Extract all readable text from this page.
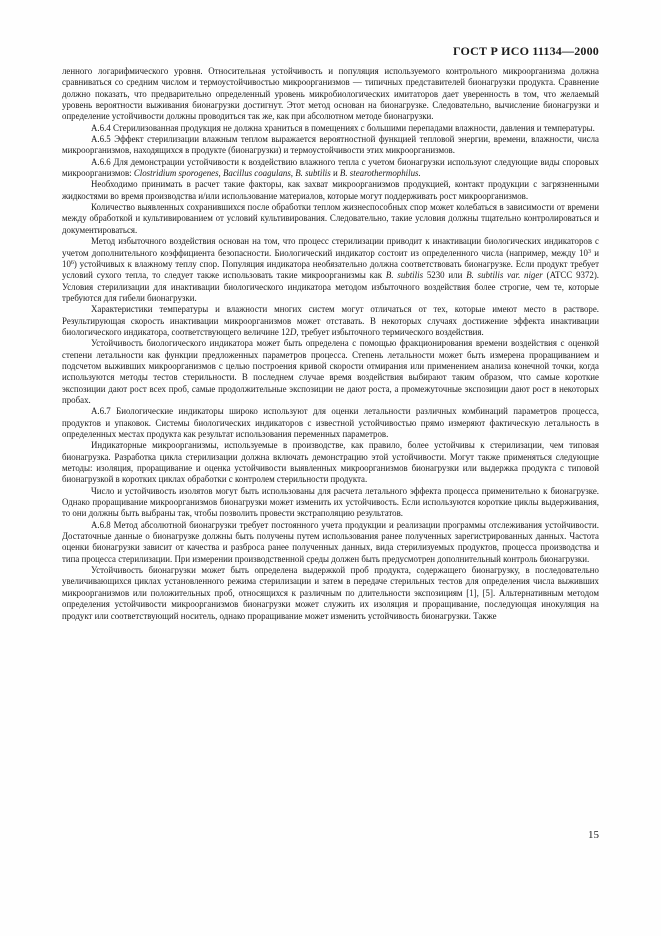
ГОСТ Р ИСО 11134—2000

ленного логарифмического уровня. Относительная устойчивость и популяция используемого контрольного микроорганизма должна сравниваться со средним числом и термоустойчивостью микроорганизмов — типичных представителей бионагрузки продукта. Сравнение должно показать, что предварительно определенный уровень микробиологических имитаторов дает уверенность в том, что желаемый уровень вероятности выживания бионагрузки достигнут. Этот метод основан на бионагрузке. Следовательно, вычисление бионагрузки и определение устойчивости должны проводиться так же, как при абсолютном методе бионагрузки.

А.6.4 Стерилизованная продукция не должна храниться в помещениях с большими перепадами влажности, давления и температуры.

А.6.5 Эффект стерилизации влажным теплом выражается вероятностной функцией тепловой энергии, времени, влажности, числа микроорганизмов, находящихся в продукте (бионагрузки) и термоустойчивости этих микроорганизмов.

А.6.6 Для демонстрации устойчивости к воздействию влажного тепла с учетом бионагрузки используют следующие виды споровых микроорганизмов: Clostridium sporogenes, Bacillus coagulans, B. subtilis и B. stearothermophilus.

Необходимо принимать в расчет такие факторы, как захват микроорганизмов продукцией, контакт продукции с загрязненными жидкостями во время производства и/или использование материалов, которые могут поддерживать рост микроорганизмов.

Количество выявленных сохранившихся после обработки теплом жизнеспособных спор может колебаться в зависимости от времени между обработкой и культивированием от условий культивирования. Следовательно, такие условия должны тщательно контролироваться и документироваться.

Метод избыточного воздействия основан на том, что процесс стерилизации приводит к инактивации биологических индикаторов с учетом дополнительного коэффициента безопасности. Биологический индикатор состоит из определенного числа (например, между $10^3$ и $10^6$) устойчивых к влажному теплу спор. Популяция индикатора необязательно должна соответствовать бионагрузке. Если продукт требует условий сухого тепла, то следует также использовать такие микроорганизмы как B. subtilis 5230 или B. subtilis var. niger (ATCC 9372). Условия стерилизации для инактивации биологического индикатора методом избыточного воздействия более строгие, чем те, которые требуются для гибели бионагрузки.

Характеристики температуры и влажности многих систем могут отличаться от тех, которые имеют место в растворе. Результирующая скорость инактивации микроорганизмов может отставать. В некоторых случаях достижение эффекта инактивации биологического индикатора, соответствующего величине 12D, требует избыточного термического воздействия.

Устойчивость биологического индикатора может быть определена с помощью фракционирования времени воздействия с оценкой степени летальности как функции предложенных параметров процесса. Степень летальности может быть измерена проращиванием и подсчетом выживших микроорганизмов с целью построения кривой скорости отмирания или применением анализа конечной точки, когда используются методы тестов стерильности. В последнем случае время воздействия выбирают таким образом, что самые короткие экспозиции дают рост всех проб, самые продолжительные экспозиции не дают роста, а промежуточные экспозиции дают рост в некоторых пробах.

А.6.7 Биологические индикаторы широко используют для оценки летальности различных комбинаций параметров процесса, продуктов и упаковок. Системы биологических индикаторов с известной устойчивостью прямо измеряют фактическую летальность в определенных местах продукта как результат использования переменных параметров.

Индикаторные микроорганизмы, используемые в производстве, как правило, более устойчивы к стерилизации, чем типовая бионагрузка. Разработка цикла стерилизации должна включать демонстрацию этой устойчивости. Могут также применяться следующие методы: изоляция, проращивание и оценка устойчивости выявленных микроорганизмов бионагрузки или выдержка продукта с типовой бионагрузкой в коротких циклах обработки с контролем стерильности продукта.

Число и устойчивость изолятов могут быть использованы для расчета летального эффекта процесса применительно к бионагрузке. Однако проращивание микроорганизмов бионагрузки может изменить их устойчивость. Если используются короткие циклы выдерживания, то они должны быть выбраны так, чтобы позволить провести экстраполяцию результатов.

А.6.8 Метод абсолютной бионагрузки требует постоянного учета продукции и реализации программы отслеживания устойчивости. Достаточные данные о бионагрузке должны быть получены путем использования ранее полученных зарегистрированных данных. Частота оценки бионагрузки зависит от качества и разброса ранее полученных данных, вида стерилизуемых продуктов, процесса производства и типа процесса стерилизации. При измерении производственной среды должен быть предусмотрен дополнительный контроль бионагрузки.

Устойчивость бионагрузки может быть определена выдержкой проб продукта, содержащего бионагрузку, в последовательно увеличивающихся циклах установленного режима стерилизации и затем в передаче стерильных тестов для определения числа выживших микроорганизмов или положительных проб, относящихся к различным по длительности экспозициям [1], [5]. Альтернативным методом определения устойчивости микроорганизмов бионагрузки может служить их изоляция и проращивание, последующая инокуляция на продукт или соответствующий носитель, однако проращивание может изменить устойчивость бионагрузки. Также

15
